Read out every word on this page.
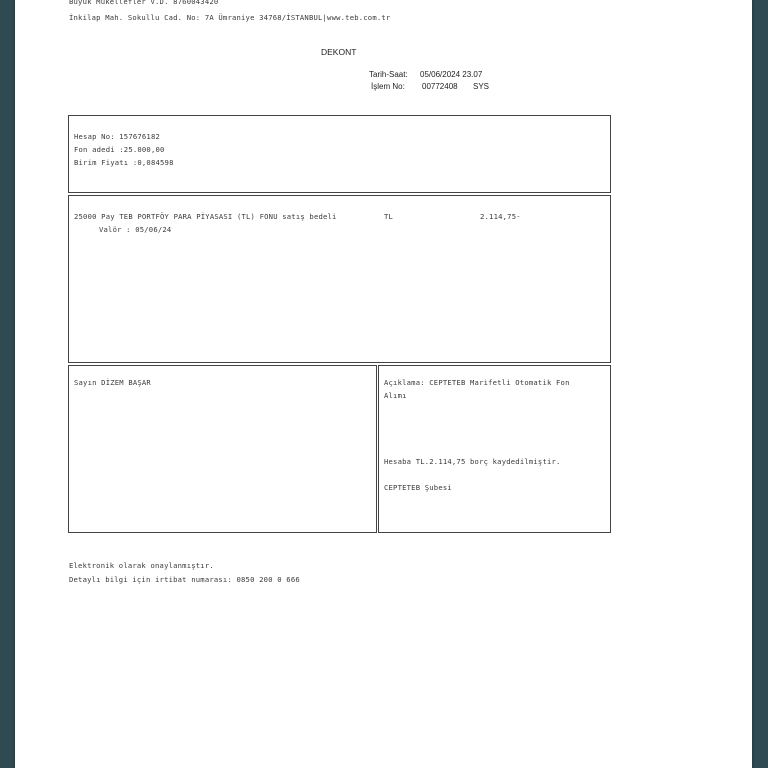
Büyük Mükellefler V.D. 8760043420
İnkilap Mah. Sokullu Cad. No: 7A Ümraniye 34768/İSTANBUL|www.teb.com.tr
DEKONT
Tarih-Saat: 05/06/2024 23.07
İşlem No: 00772408 SYS
Hesap No: 157676182
Fon adedi :25.000,00
Birim Fiyatı :0,084598
25000 Pay TEB PORTFÖY PARA PİYASASI (TL) FONU satış bedeli	TL	2.114,75-
Valör : 05/06/24
Sayın DİZEM BAŞAR	Açıklama: CEPTETEB Marifetli Otomatik Fon
Alımı
Hesaba TL.2.114,75 borç kaydedilmiştir.
CEPTETEB Şubesi
Elektronik olarak onaylanmıştır.
Detaylı bilgi için irtibat numarası: 0850 200 0 666
